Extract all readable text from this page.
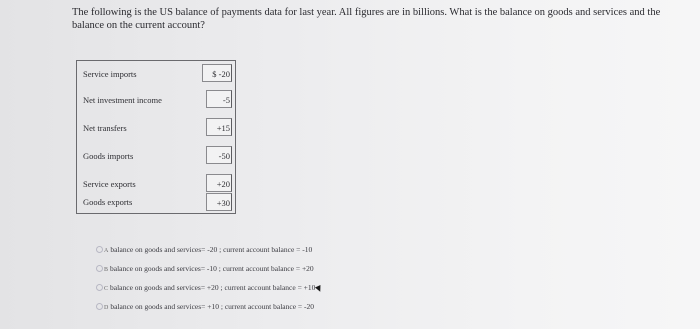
The following is the US balance of payments data for last year. All figures are in billions. What is the balance on goods and services and the balance on the current account?
Service imports	$ -20
Net investment income	-5
Net transfers	+15
Goods imports	-50
Service exports	+20
Goods exports	+30
A balance on goods and services= -20 ; current account balance = -10
B balance on goods and services= -10 ; current account balance = +20
C balance on goods and services= +20 ; current account balance = +10
D balance on goods and services= +10 ; current account balance = -20
